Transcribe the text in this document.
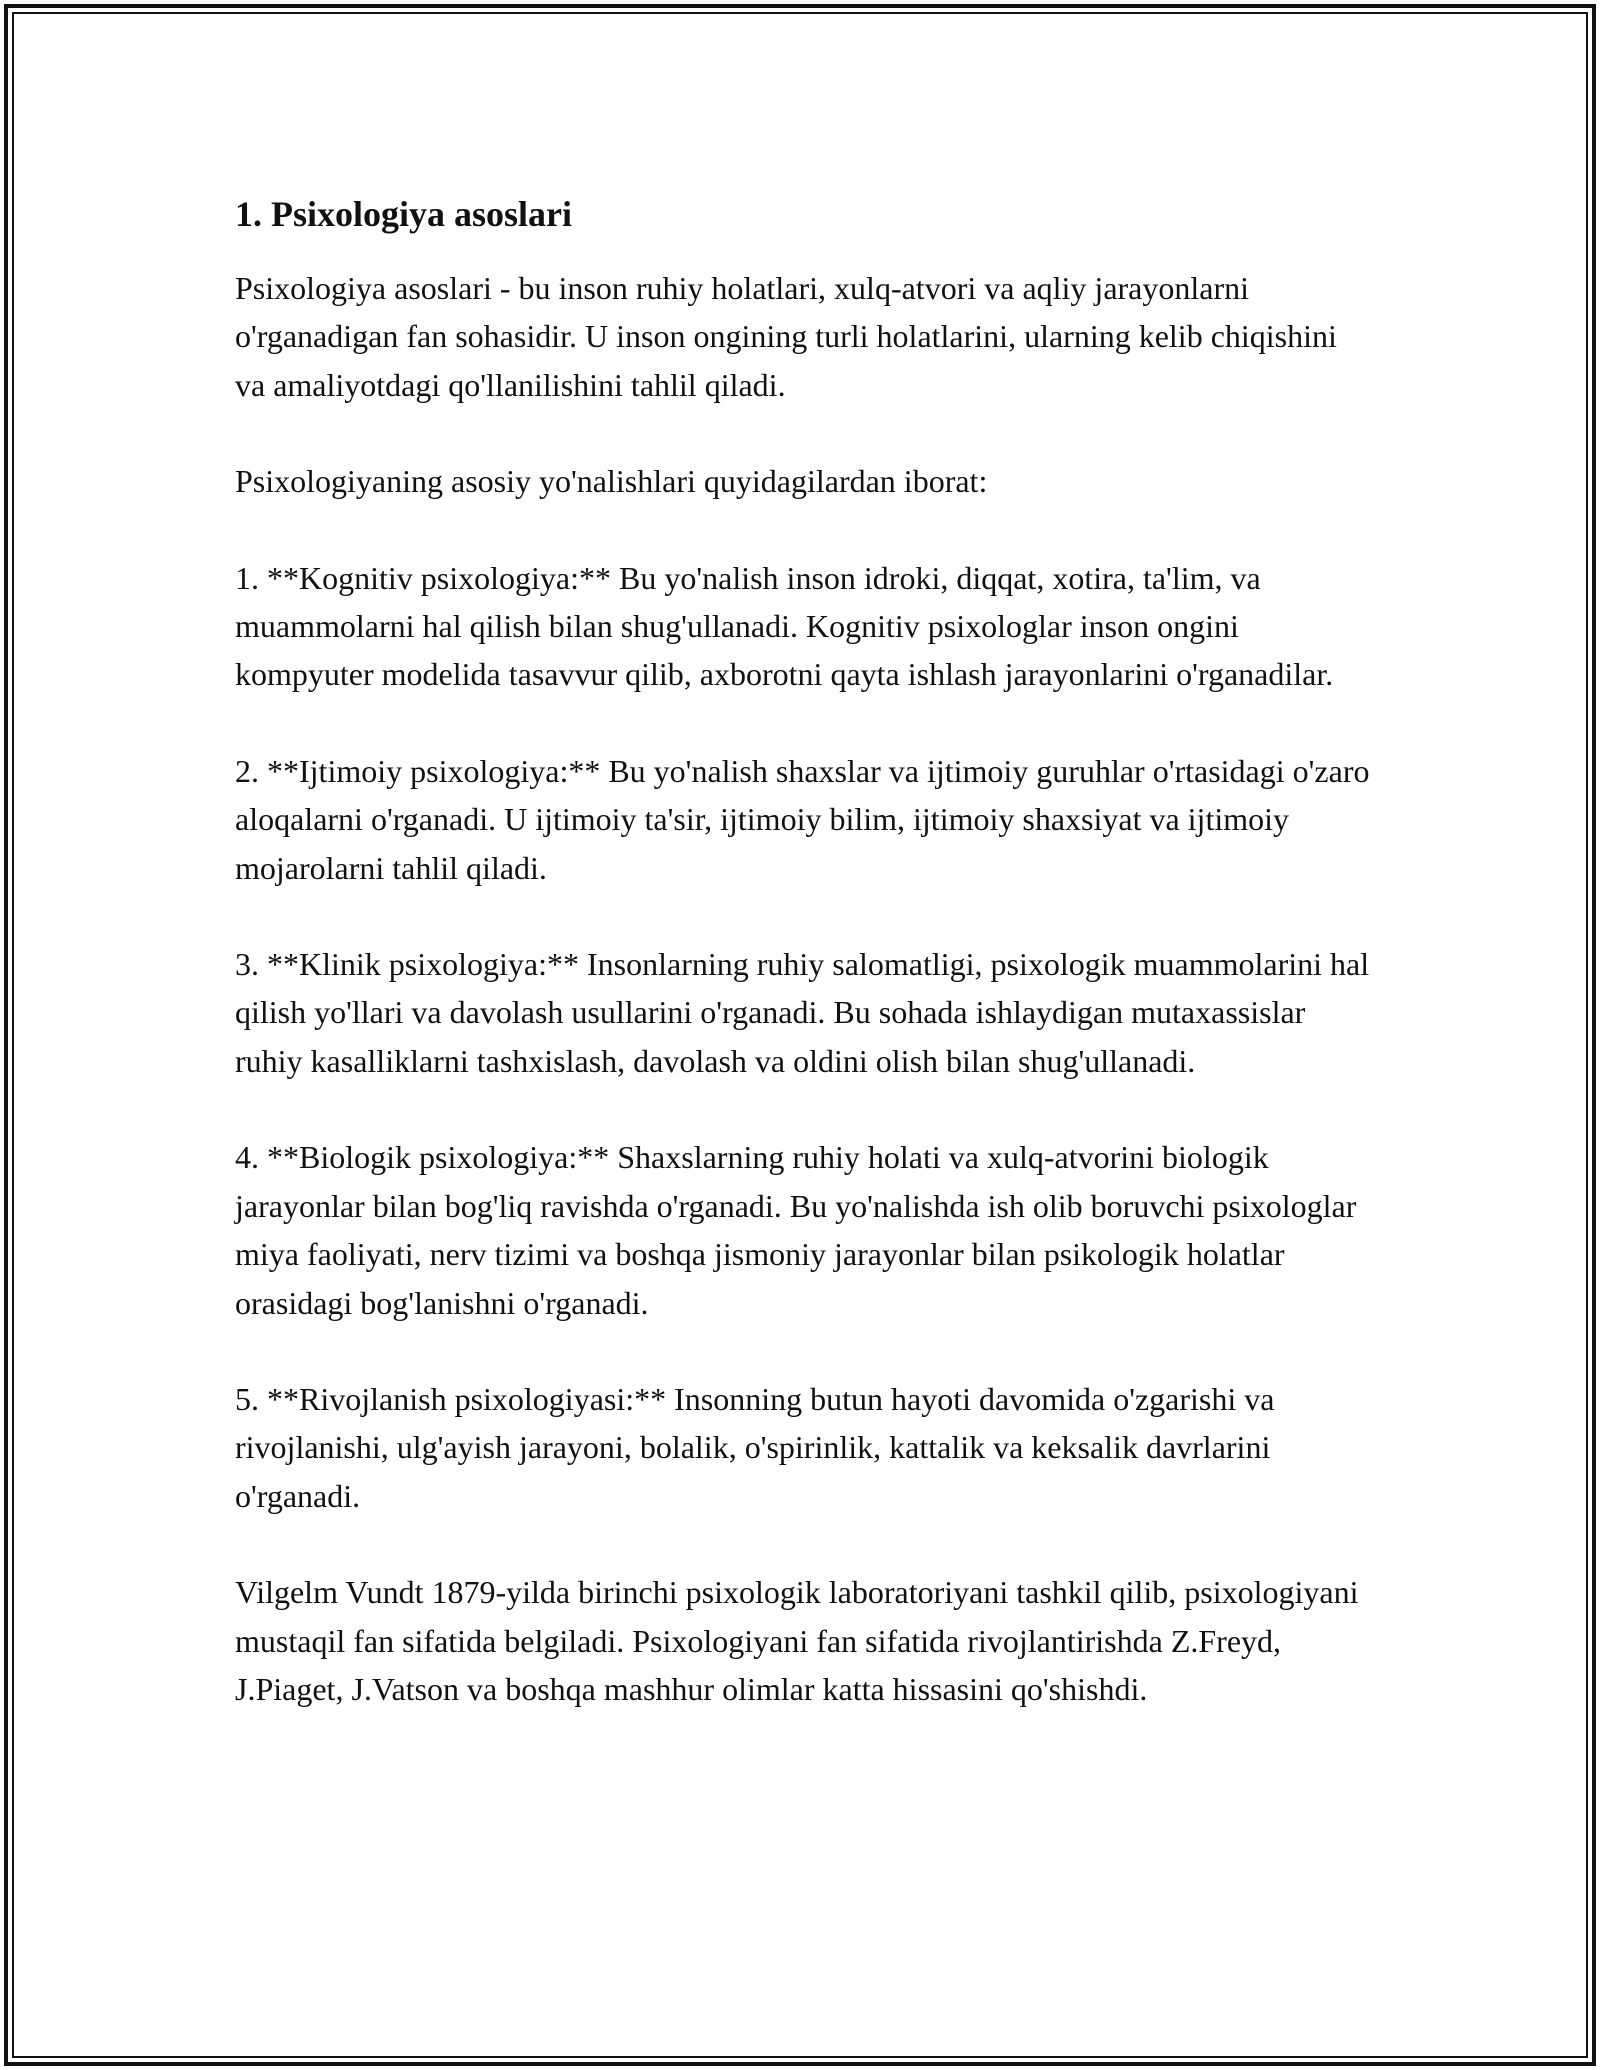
1. Psixologiya asoslari

Psixologiya asoslari - bu inson ruhiy holatlari, xulq-atvori va aqliy jarayonlarni o'rganadigan fan sohasidir. U inson ongining turli holatlarini, ularning kelib chiqishini va amaliyotdagi qo'llanilishini tahlil qiladi.

Psixologiyaning asosiy yo'nalishlari quyidagilardan iborat:

1. **Kognitiv psixologiya:** Bu yo'nalish inson idroki, diqqat, xotira, ta'lim, va muammolarni hal qilish bilan shug'ullanadi. Kognitiv psixologlar inson ongini kompyuter modelida tasavvur qilib, axborotni qayta ishlash jarayonlarini o'rganadilar.

2. **Ijtimoiy psixologiya:** Bu yo'nalish shaxslar va ijtimoiy guruhlar o'rtasidagi o'zaro aloqalarni o'rganadi. U ijtimoiy ta'sir, ijtimoiy bilim, ijtimoiy shaxsiyat va ijtimoiy mojarolarni tahlil qiladi.

3. **Klinik psixologiya:** Insonlarning ruhiy salomatligi, psixologik muammolarini hal qilish yo'llari va davolash usullarini o'rganadi. Bu sohada ishlaydigan mutaxassislar ruhiy kasalliklarni tashxislash, davolash va oldini olish bilan shug'ullanadi.

4. **Biologik psixologiya:** Shaxslarning ruhiy holati va xulq-atvorini biologik jarayonlar bilan bog'liq ravishda o'rganadi. Bu yo'nalishda ish olib boruvchi psixologlar miya faoliyati, nerv tizimi va boshqa jismoniy jarayonlar bilan psikologik holatlar orasidagi bog'lanishni o'rganadi.

5. **Rivojlanish psixologiyasi:** Insonning butun hayoti davomida o'zgarishi va rivojlanishi, ulg'ayish jarayoni, bolalik, o'spirinlik, kattalik va keksalik davrlarini o'rganadi.

Vilgelm Vundt 1879-yilda birinchi psixologik laboratoriyani tashkil qilib, psixologiyani mustaqil fan sifatida belgiladi. Psixologiyani fan sifatida rivojlantirishda Z.Freyd, J.Piaget, J.Vatson va boshqa mashhur olimlar katta hissasini qo'shishdi.
